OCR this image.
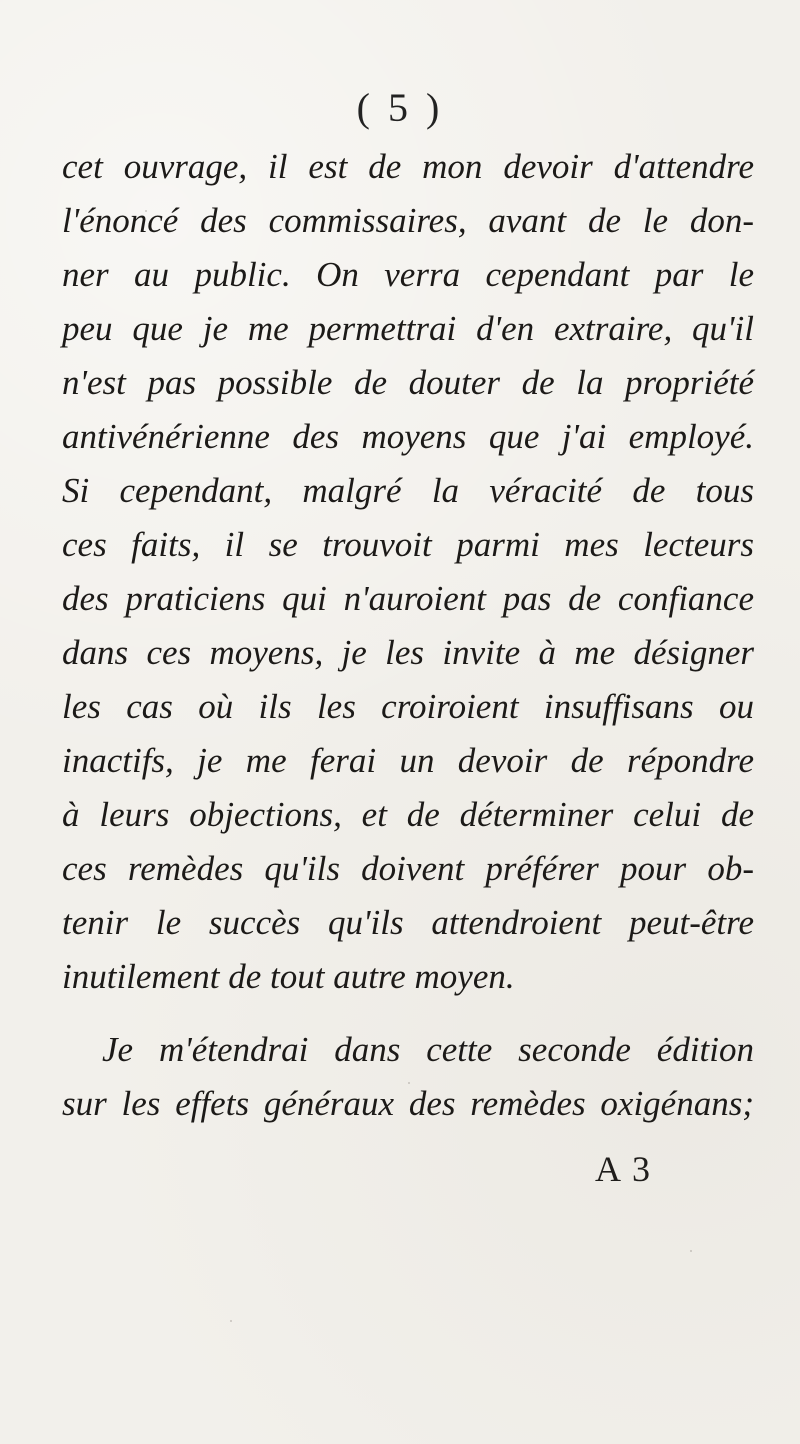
( 5 )
cet ouvrage, il est de mon devoir d'attendre
l'énoncé des commissaires, avant de le don-
ner au public. On verra cependant par le
peu que je me permettrai d'en extraire, qu'il
n'est pas possible de douter de la propriété
antivénérienne des moyens que j'ai employé.
Si cependant, malgré la véracité de tous
ces faits, il se trouvoit parmi mes lecteurs
des praticiens qui n'auroient pas de confiance
dans ces moyens, je les invite à me désigner
les cas où ils les croiroient insuffisans ou
inactifs, je me ferai un devoir de répondre
à leurs objections, et de déterminer celui de
ces remèdes qu'ils doivent préférer pour ob-
tenir le succès qu'ils attendroient peut-être
inutilement de tout autre moyen.
Je m'étendrai dans cette seconde édition
sur les effets généraux des remèdes oxigénans;
A 3
